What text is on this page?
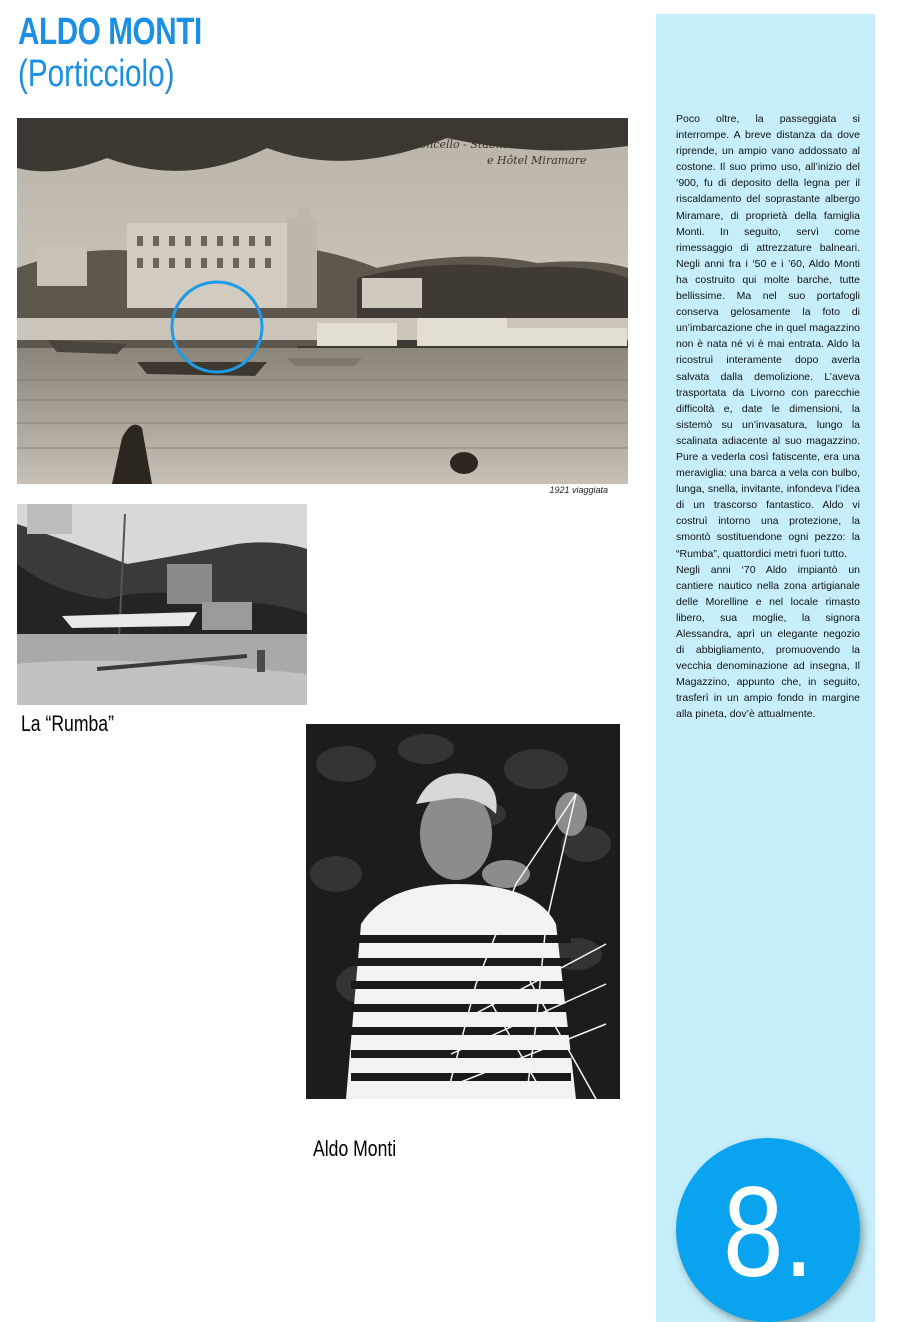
ALDO MONTI
(Porticciolo)
Castiglioncello - Stabilimento Bagni
e Hôtel Miramare
1921 viaggiata
La “Rumba”
Aldo Monti

Poco oltre, la passeggiata si interrompe. A breve distanza da dove riprende, un ampio vano addossato al costone. Il suo primo uso, all’inizio del ‘900, fu di deposito della legna per il riscaldamento del soprastante albergo Miramare, di proprietà della famiglia Monti. In seguito, servì come rimessaggio di attrezzature balneari. Negli anni fra i ‘50 e i ’60, Aldo Monti ha costruito qui molte barche, tutte bellissime. Ma nel suo portafogli conserva gelosamente la foto di un’imbarcazione che in quel magazzino non è nata né vi è mai entrata. Aldo la ricostruì interamente dopo averla salvata dalla demolizione. L’aveva trasportata da Livorno con parecchie difficoltà e, date le dimensioni, la sistemò su un’invasatura, lungo la scalinata adiacente al suo magazzino. Pure a vederla così fatiscente, era una meraviglia: una barca a vela con bulbo, lunga, snella, invitante, infondeva l’idea di un trascorso fantastico. Aldo vi costruì intorno una protezione, la smontò sostituendone ogni pezzo: la “Rumba”, quattordici metri fuori tutto.

Negli anni ‘70 Aldo impiantò un cantiere nautico nella zona artigianale delle Morelline e nel locale rimasto libero, sua moglie, la signora Alessandra, aprì un elegante negozio di abbigliamento, promuovendo la vecchia denominazione ad insegna, Il Magazzino, appunto che, in seguito, trasferì in un ampio fondo in margine alla pineta, dov’è attualmente.

8.
